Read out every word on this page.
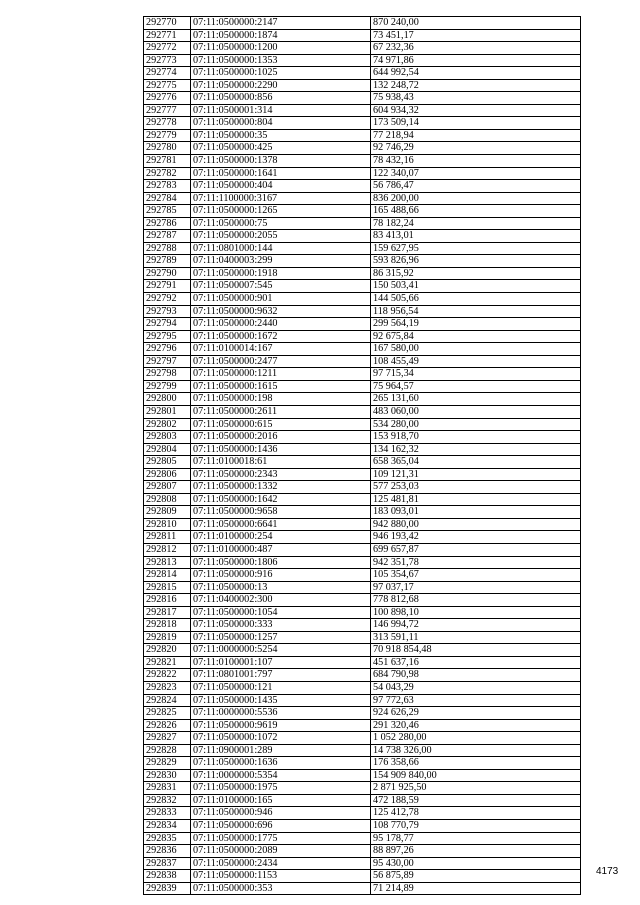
292770	07:11:0500000:2147	870 240,00
292771	07:11:0500000:1874	73 451,17
292772	07:11:0500000:1200	67 232,36
292773	07:11:0500000:1353	74 971,86
292774	07:11:0500000:1025	644 992,54
292775	07:11:0500000:2290	132 248,72
292776	07:11:0500000:856	75 938,43
292777	07:11:0500001:314	604 934,32
292778	07:11:0500000:804	173 509,14
292779	07:11:0500000:35	77 218,94
292780	07:11:0500000:425	92 746,29
292781	07:11:0500000:1378	78 432,16
292782	07:11:0500000:1641	122 340,07
292783	07:11:0500000:404	56 786,47
292784	07:11:1100000:3167	836 200,00
292785	07:11:0500000:1265	165 488,66
292786	07:11:0500000:75	78 182,24
292787	07:11:0500000:2055	83 413,01
292788	07:11:0801000:144	159 627,95
292789	07:11:0400003:299	593 826,96
292790	07:11:0500000:1918	86 315,92
292791	07:11:0500007:545	150 503,41
292792	07:11:0500000:901	144 505,66
292793	07:11:0500000:9632	118 956,54
292794	07:11:0500000:2440	299 564,19
292795	07:11:0500000:1672	92 675,84
292796	07:11:0100014:167	167 580,00
292797	07:11:0500000:2477	108 455,49
292798	07:11:0500000:1211	97 715,34
292799	07:11:0500000:1615	75 964,57
292800	07:11:0500000:198	265 131,60
292801	07:11:0500000:2611	483 060,00
292802	07:11:0500000:615	534 280,00
292803	07:11:0500000:2016	153 918,70
292804	07:11:0500000:1436	134 162,32
292805	07:11:0100018:61	658 365,04
292806	07:11:0500000:2343	109 121,31
292807	07:11:0500000:1332	577 253,03
292808	07:11:0500000:1642	125 481,81
292809	07:11:0500000:9658	183 093,01
292810	07:11:0500000:6641	942 880,00
292811	07:11:0100000:254	946 193,42
292812	07:11:0100000:487	699 657,87
292813	07:11:0500000:1806	942 351,78
292814	07:11:0500000:916	105 354,67
292815	07:11:0500000:13	97 037,17
292816	07:11:0400002:300	778 812,68
292817	07:11:0500000:1054	100 898,10
292818	07:11:0500000:333	146 994,72
292819	07:11:0500000:1257	313 591,11
292820	07:11:0000000:5254	70 918 854,48
292821	07:11:0100001:107	451 637,16
292822	07:11:0801001:797	684 790,98
292823	07:11:0500000:121	54 043,29
292824	07:11:0500000:1435	97 772,63
292825	07:11:0000000:5536	924 626,29
292826	07:11:0500000:9619	291 320,46
292827	07:11:0500000:1072	1 052 280,00
292828	07:11:0900001:289	14 738 326,00
292829	07:11:0500000:1636	176 358,66
292830	07:11:0000000:5354	154 909 840,00
292831	07:11:0500000:1975	2 871 925,50
292832	07:11:0100000:165	472 188,59
292833	07:11:0500000:946	125 412,78
292834	07:11:0500000:696	108 770,79
292835	07:11:0500000:1775	95 178,77
292836	07:11:0500000:2089	88 897,26
292837	07:11:0500000:2434	95 430,00
292838	07:11:0500000:1153	56 875,89
292839	07:11:0500000:353	71 214,89
4173
